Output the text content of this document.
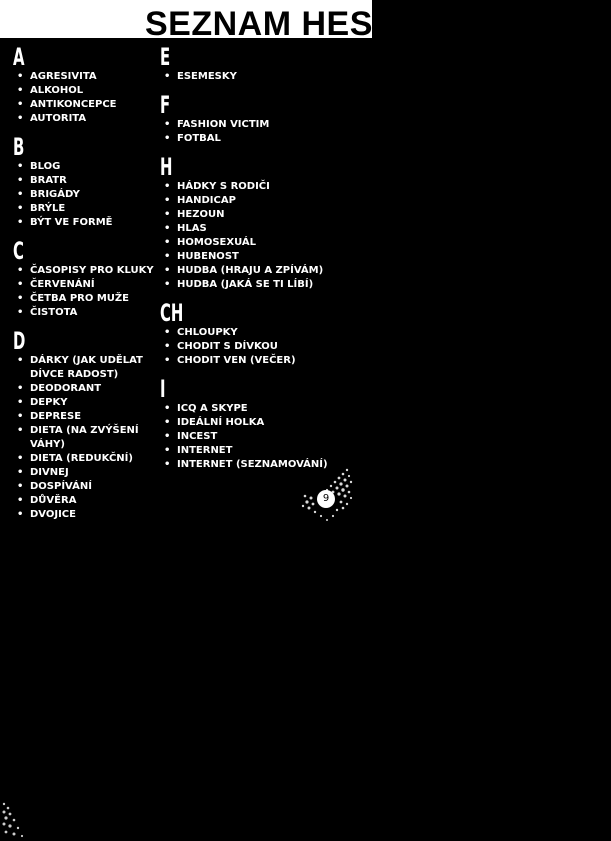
SEZNAM HESEL
A
• AGRESIVITA
• ALKOHOL
• ANTIKONCEPCE
• AUTORITA
B
• BLOG
• BRATR
• BRIGÁDY
• BRÝLE
• BÝT VE FORMĚ
C
• ČASOPISY PRO KLUKY
• ČERVENÁNÍ
• ČETBA PRO MUŽE
• ČISTOTA
D
• DÁRKY (JAK UDĚLAT DÍVCE RADOST)
• DEODORANT
• DEPKY
• DEPRESE
• DIETA (NA ZVÝŠENÍ VÁHY)
• DIETA (REDUKČNÍ)
• DIVNEJ
• DOSPÍVÁNÍ
• DŮVĚRA
• DVOJICE
E
• ESEMESKY
F
• FASHION VICTIM
• FOTBAL
H
• HÁDKY S RODIČI
• HANDICAP
• HEZOUN
• HLAS
• HOMOSEXUÁL
• HUBENOST
• HUDBA (HRAJU A ZPÍVÁM)
• HUDBA (JAKÁ SE TI LÍBÍ)
CH
• CHLOUPKY
• CHODIT S DÍVKOU
• CHODIT VEN (VEČER)
I
• ICQ A SKYPE
• IDEÁLNÍ HOLKA
• INCEST
• INTERNET
• INTERNET (SEZNAMOVÁNÍ)
9
